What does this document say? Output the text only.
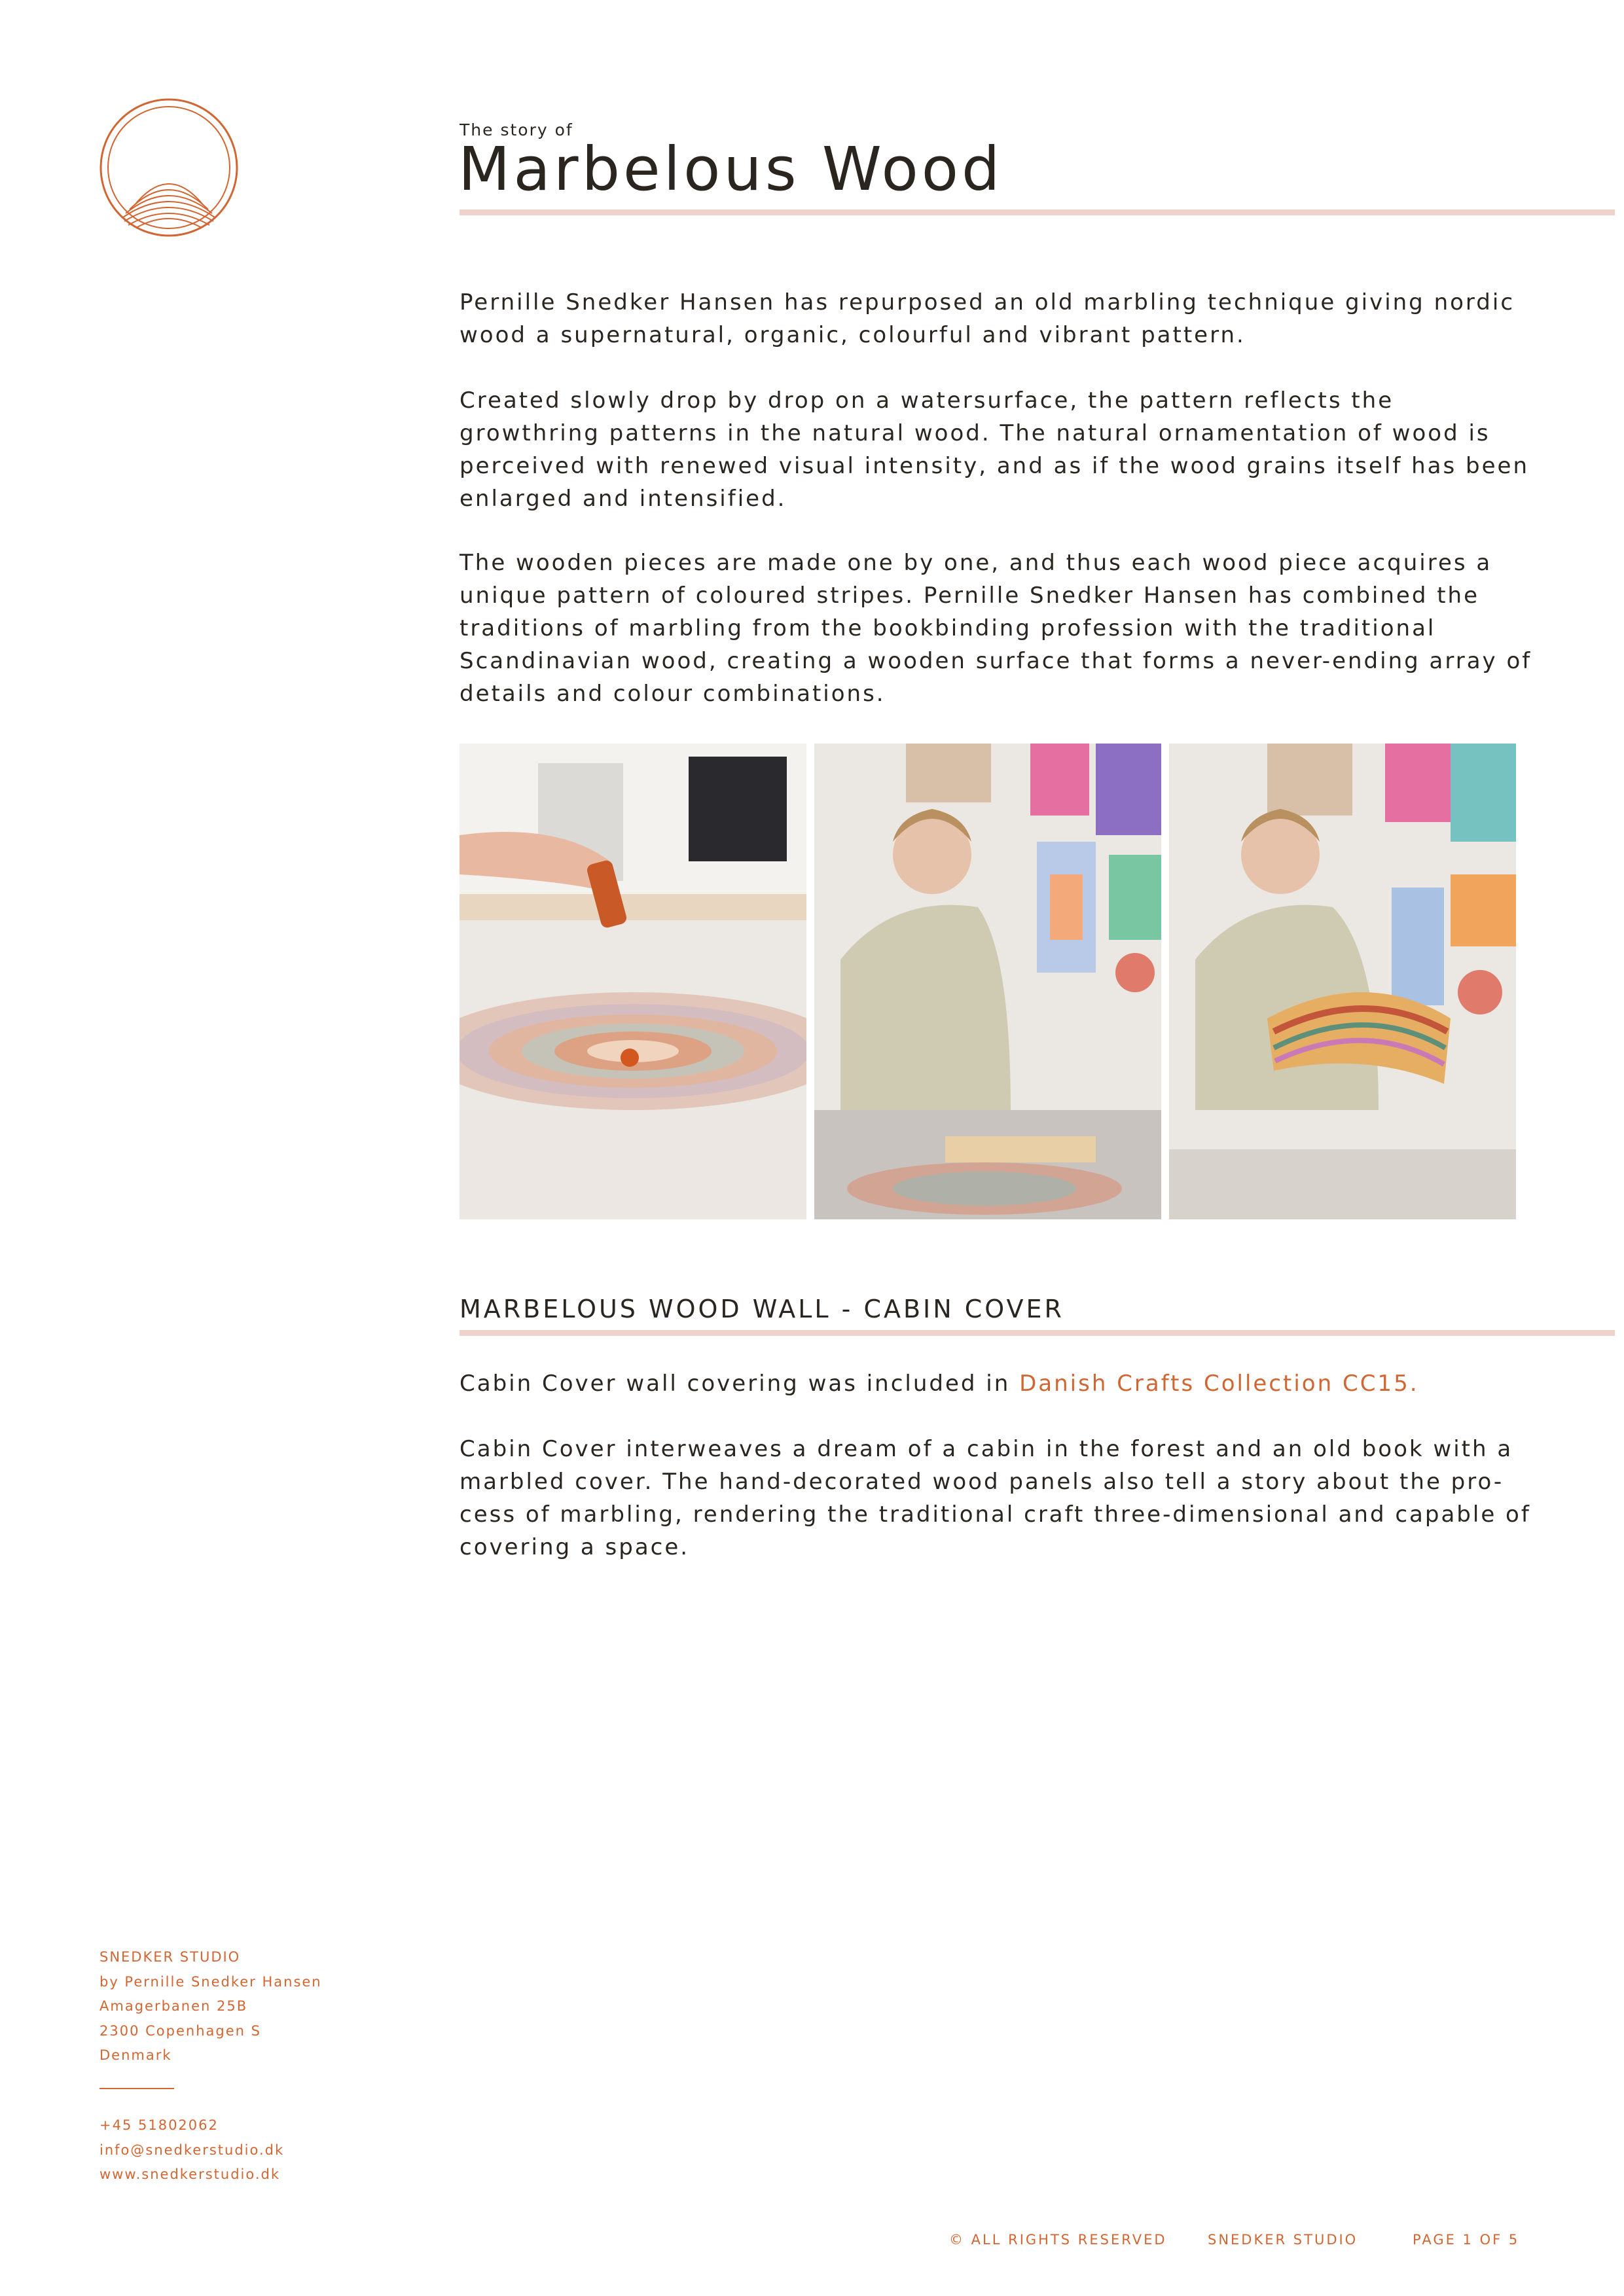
The story of
Marbelous Wood

Pernille Snedker Hansen has repurposed an old marbling technique giving nordic wood a supernatural, organic, colourful and vibrant pattern.

Created slowly drop by drop on a watersurface, the pattern reflects the growthring patterns in the natural wood. The natural ornamentation of wood is perceived with renewed visual intensity, and as if the wood grains itself has been enlarged and intensified.

The wooden pieces are made one by one, and thus each wood piece acquires a unique pattern of coloured stripes. Pernille Snedker Hansen has combined the traditions of marbling from the bookbinding profession with the traditional Scandinavian wood, creating a wooden surface that forms a never-ending array of details and colour combinations.

MARBELOUS WOOD WALL - CABIN COVER

Cabin Cover wall covering was included in Danish Crafts Collection CC15.

Cabin Cover interweaves a dream of a cabin in the forest and an old book with a marbled cover. The hand-decorated wood panels also tell a story about the pro-cess of marbling, rendering the traditional craft three-dimensional and capable of covering a space.

SNEDKER STUDIO
by Pernille Snedker Hansen
Amagerbanen 25B
2300 Copenhagen S
Denmark
+45 51802062
info@snedkerstudio.dk
www.snedkerstudio.dk
© ALL RIGHTS RESERVED	SNEDKER STUDIO	PAGE 1 OF 5
